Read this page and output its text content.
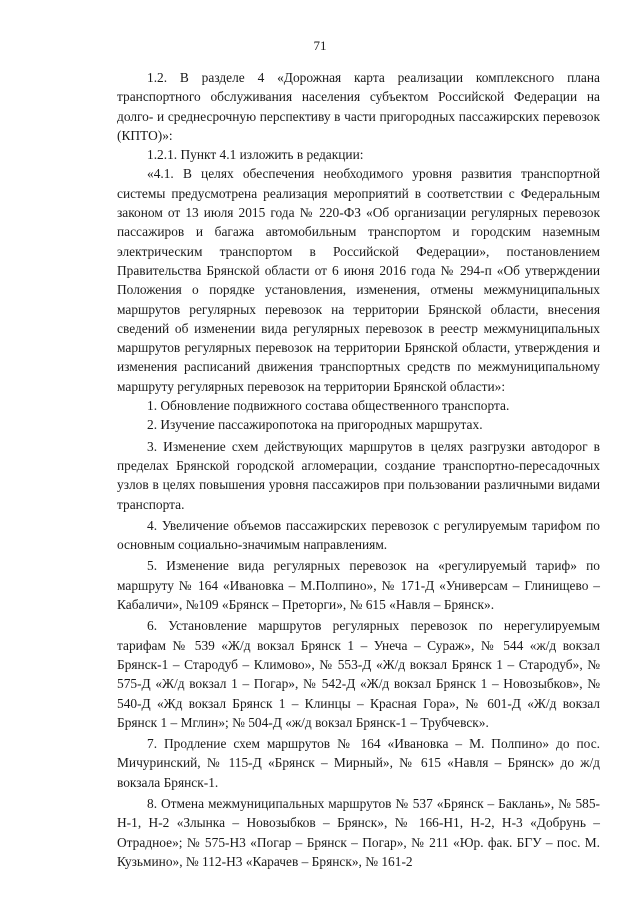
71

1.2. В разделе 4 «Дорожная карта реализации комплексного плана транспортного обслуживания населения субъектом Российской Федерации на долго- и среднесрочную перспективу в части пригородных пассажирских перевозок (КПТО)»:

1.2.1. Пункт 4.1 изложить в редакции:

«4.1. В целях обеспечения необходимого уровня развития транспортной системы предусмотрена реализация мероприятий в соответствии с Федеральным законом от 13 июля 2015 года № 220-ФЗ «Об организации регулярных перевозок пассажиров и багажа автомобильным транспортом и городским наземным электрическим транспортом в Российской Федерации», постановлением Правительства Брянской области от 6 июня 2016 года № 294-п «Об утверждении Положения о порядке установления, изменения, отмены межмуниципальных маршрутов регулярных перевозок на территории Брянской области, внесения сведений об изменении вида регулярных перевозок в реестр межмуниципальных маршрутов регулярных перевозок на территории Брянской области, утверждения и изменения расписаний движения транспортных средств по межмуниципальному маршруту регулярных перевозок на территории Брянской области»:

1. Обновление подвижного состава общественного транспорта.

2. Изучение пассажиропотока на пригородных маршрутах.

3. Изменение схем действующих маршрутов в целях разгрузки автодорог в пределах Брянской городской агломерации, создание транспортно-пересадочных узлов в целях повышения уровня пассажиров при пользовании различными видами транспорта.

4. Увеличение объемов пассажирских перевозок с регулируемым тарифом по основным социально-значимым направлениям.

5. Изменение вида регулярных перевозок на «регулируемый тариф» по маршруту № 164 «Ивановка – М.Полпино», № 171-Д «Универсам – Глинищево – Кабаличи», №109 «Брянск – Преторги», № 615 «Навля – Брянск».

6. Установление маршрутов регулярных перевозок по нерегулируемым тарифам № 539 «Ж/д вокзал Брянск 1 – Унеча – Сураж», № 544 «ж/д вокзал Брянск-1 – Стародуб – Климово», № 553-Д «Ж/д вокзал Брянск 1 – Стародуб», № 575-Д «Ж/д вокзал 1 – Погар», № 542-Д «Ж/д вокзал Брянск 1 – Новозыбков», № 540-Д «Жд вокзал Брянск 1 – Клинцы – Красная Гора», № 601-Д «Ж/д вокзал Брянск 1 – Мглин»; № 504-Д «ж/д вокзал Брянск-1 – Трубчевск».

7. Продление схем маршрутов № 164 «Ивановка – М. Полпино» до пос. Мичуринский, № 115-Д «Брянск – Мирный», № 615 «Навля – Брянск» до ж/д вокзала Брянск-1.

8. Отмена межмуниципальных маршрутов № 537 «Брянск – Баклань», № 585-Н-1, Н-2 «Злынка – Новозыбков – Брянск», № 166-Н1, Н-2, Н-3 «Добрунь – Отрадное»; № 575-Н3 «Погар – Брянск – Погар», № 211 «Юр. фак. БГУ – пос. М. Кузьмино», № 112-Н3 «Карачев – Брянск», № 161-2
